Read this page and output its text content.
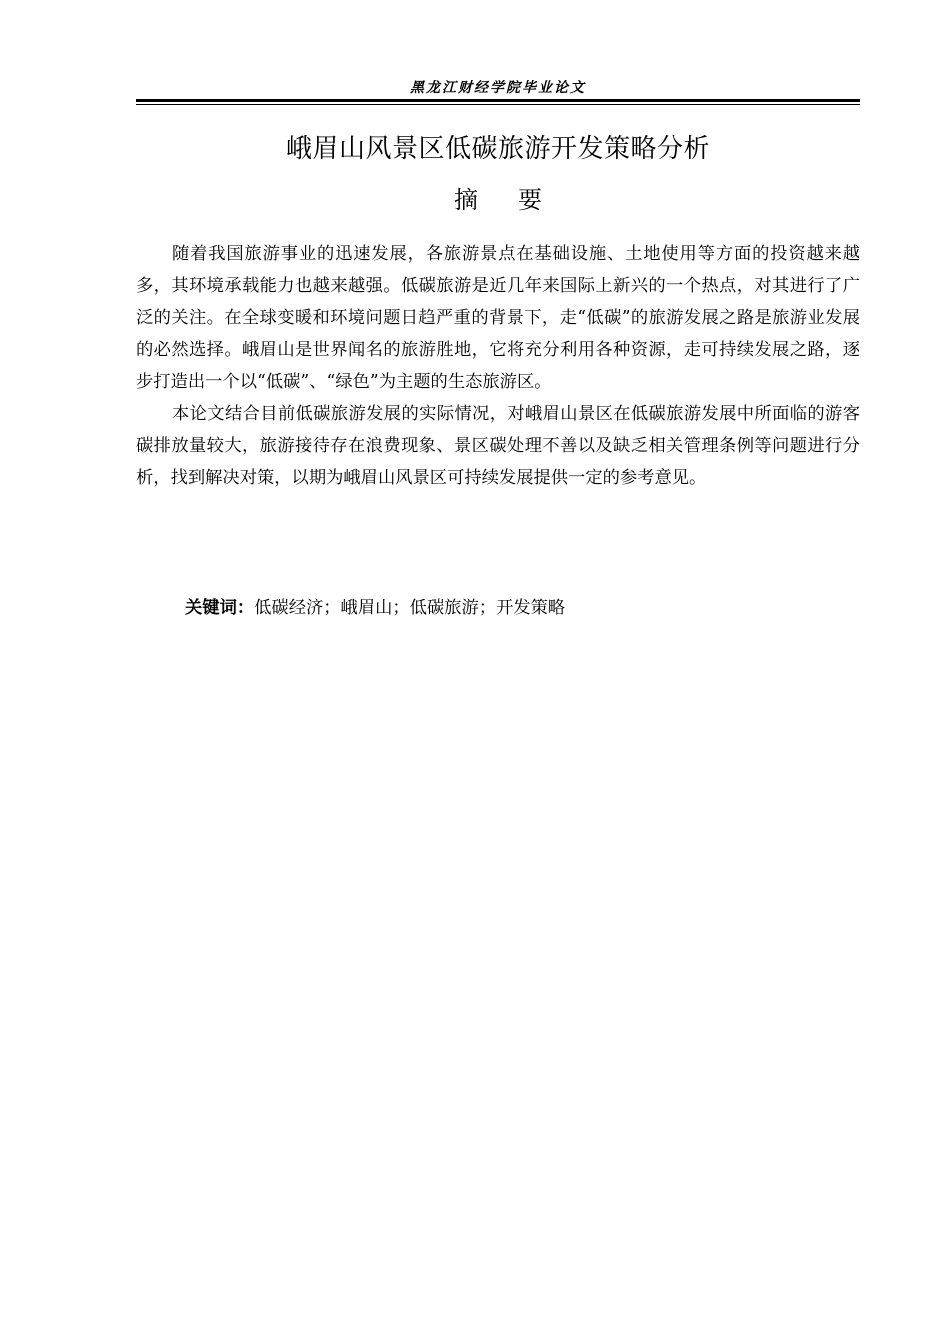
黑龙江财经学院毕业论文
峨眉山风景区低碳旅游开发策略分析
摘要

随着我国旅游事业的迅速发展，各旅游景点在基础设施、土地使用等方面的投资越来越多，其环境承载能力也越来越强。低碳旅游是近几年来国际上新兴的一个热点，对其进行了广泛的关注。在全球变暖和环境问题日趋严重的背景下，走“低碳”的旅游发展之路是旅游业发展的必然选择。峨眉山是世界闻名的旅游胜地，它将充分利用各种资源，走可持续发展之路，逐步打造出一个以“低碳”、“绿色”为主题的生态旅游区。

本论文结合目前低碳旅游发展的实际情况，对峨眉山景区在低碳旅游发展中所面临的游客碳排放量较大，旅游接待存在浪费现象、景区碳处理不善以及缺乏相关管理条例等问题进行分析，找到解决对策，以期为峨眉山风景区可持续发展提供一定的参考意见。

关键词：低碳经济；峨眉山；低碳旅游；开发策略
